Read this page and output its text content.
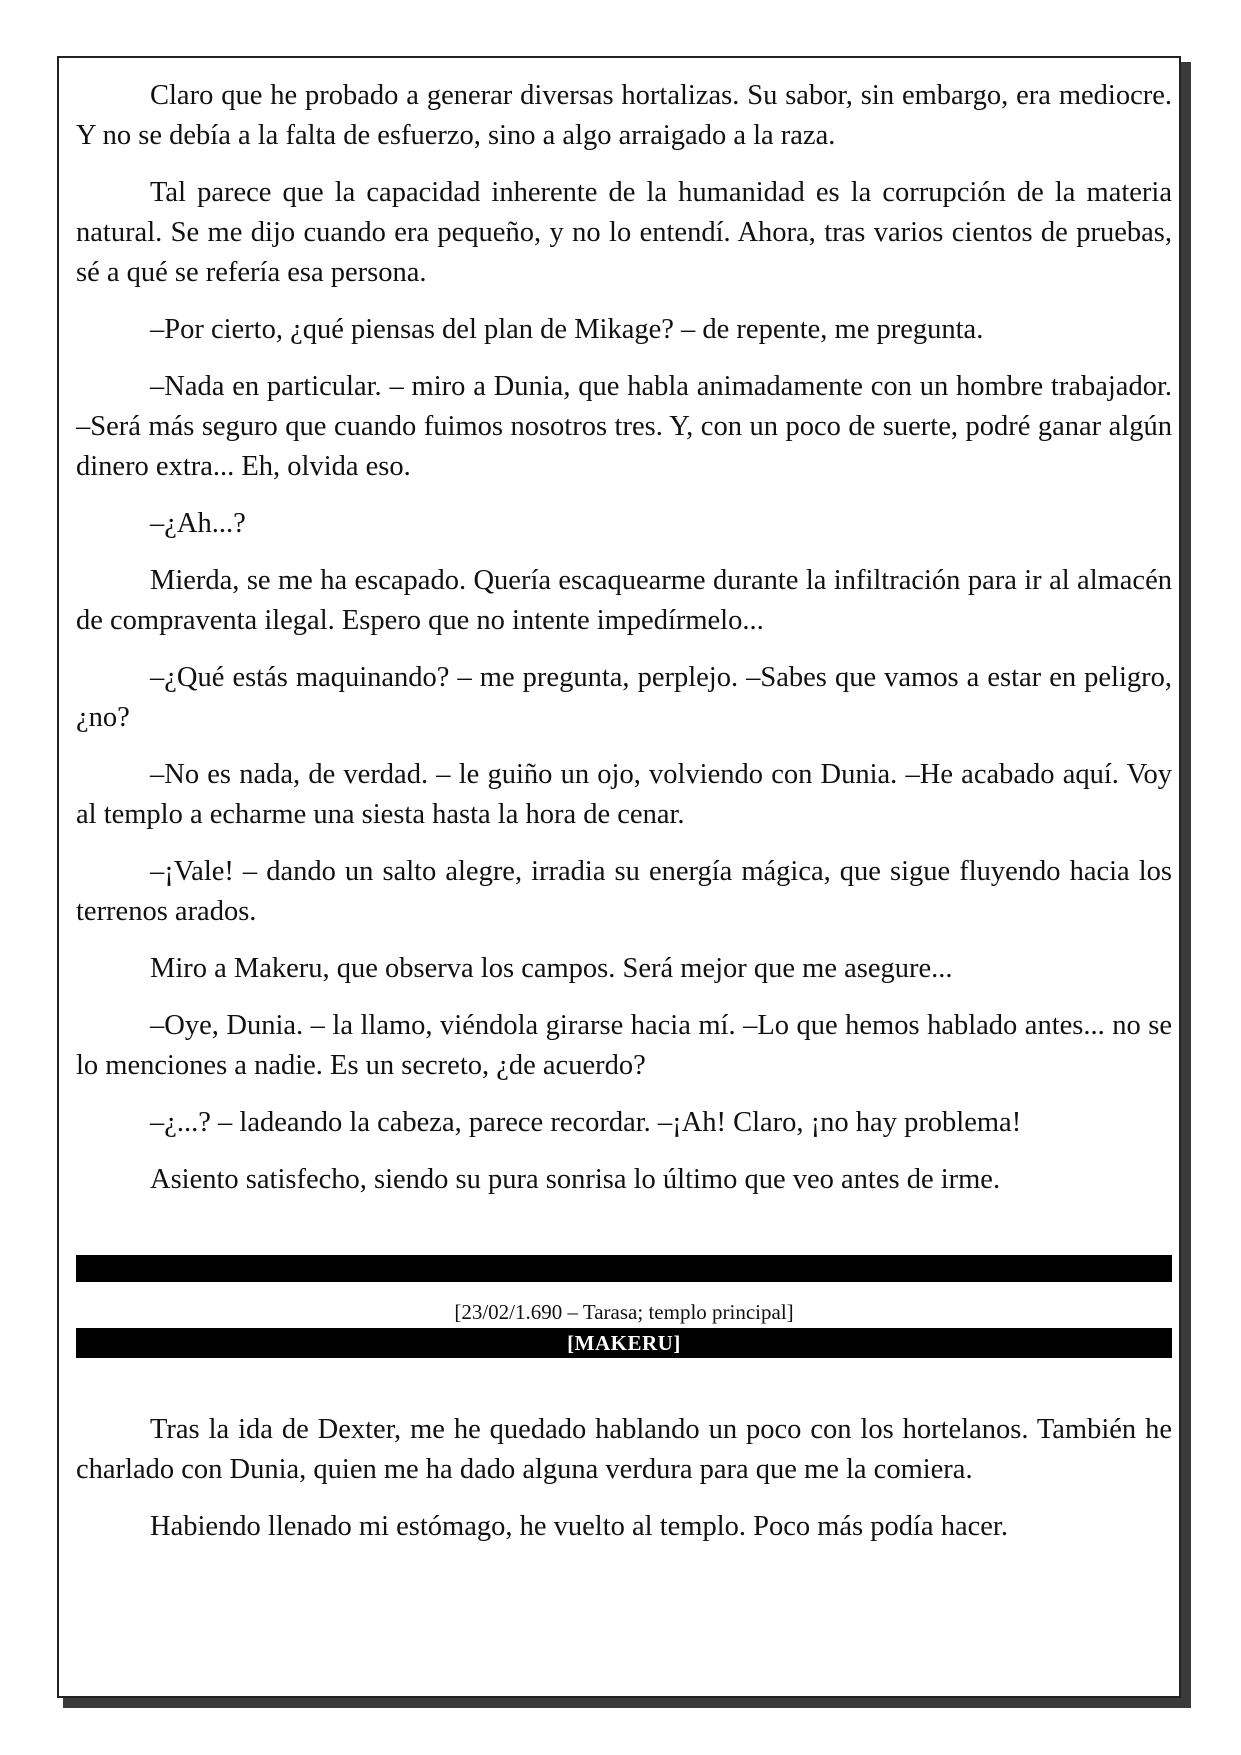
Claro que he probado a generar diversas hortalizas. Su sabor, sin embargo, era mediocre. Y no se debía a la falta de esfuerzo, sino a algo arraigado a la raza.

Tal parece que la capacidad inherente de la humanidad es la corrupción de la materia natural. Se me dijo cuando era pequeño, y no lo entendí. Ahora, tras varios cientos de pruebas, sé a qué se refería esa persona.

–Por cierto, ¿qué piensas del plan de Mikage? – de repente, me pregunta.

–Nada en particular. – miro a Dunia, que habla animadamente con un hombre trabajador. –Será más seguro que cuando fuimos nosotros tres. Y, con un poco de suerte, podré ganar algún dinero extra... Eh, olvida eso.

–¿Ah...?

Mierda, se me ha escapado. Quería escaquearme durante la infiltración para ir al almacén de compraventa ilegal. Espero que no intente impedírmelo...

–¿Qué estás maquinando? – me pregunta, perplejo. –Sabes que vamos a estar en peligro, ¿no?

–No es nada, de verdad. – le guiño un ojo, volviendo con Dunia. –He acabado aquí. Voy al templo a echarme una siesta hasta la hora de cenar.

–¡Vale! – dando un salto alegre, irradia su energía mágica, que sigue fluyendo hacia los terrenos arados.

Miro a Makeru, que observa los campos. Será mejor que me asegure...

–Oye, Dunia. – la llamo, viéndola girarse hacia mí. –Lo que hemos hablado antes... no se lo menciones a nadie. Es un secreto, ¿de acuerdo?

–¿...? – ladeando la cabeza, parece recordar. –¡Ah! Claro, ¡no hay problema!

Asiento satisfecho, siendo su pura sonrisa lo último que veo antes de irme.

[23/02/1.690 – Tarasa; templo principal]
[MAKERU]

Tras la ida de Dexter, me he quedado hablando un poco con los hortelanos. También he charlado con Dunia, quien me ha dado alguna verdura para que me la comiera.

Habiendo llenado mi estómago, he vuelto al templo. Poco más podía hacer.
